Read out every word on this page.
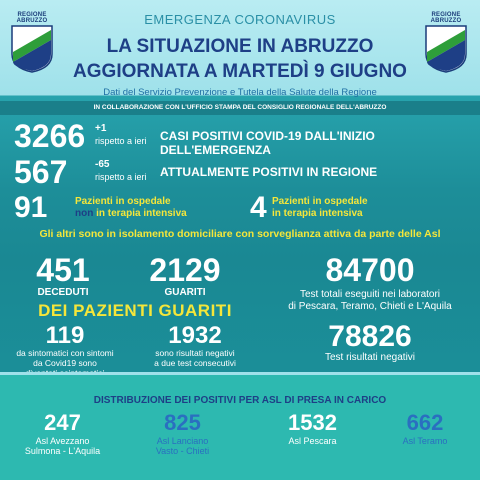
REGIONE ABRUZZO
REGIONE ABRUZZO
EMERGENZA CORONAVIRUS
LA SITUAZIONE IN ABRUZZO
AGGIORNATA A MARTEDÌ 9 GIUGNO
Dati del Servizio Prevenzione e Tutela della Salute della Regione
IN COLLABORAZIONE CON L'UFFICIO STAMPA DEL CONSIGLIO REGIONALE DELL'ABRUZZO
3266 +1
rispetto a ieri CASI POSITIVI COVID-19 DALL'INIZIO DELL'EMERGENZA
567	-65
rispetto a ieri ATTUALMENTE POSITIVI IN REGIONE
91	Pazienti in ospedale
non in terapia intensiva 4 Pazienti in ospedale
in terapia intensiva
Gli altri sono in isolamento domiciliare con sorveglianza attiva da parte delle Asl
451
DECEDUTI
2129
GUARITI
84700
Test totali eseguiti nei laboratori
di Pescara, Teramo, Chieti e L'Aquila
DEI PAZIENTI GUARITI
119
da sintomatici con sintomi
da Covid19 sono
1932
sono risultati negativi
a due test consecutivi
78826
Test risultati negativi
DISTRIBUZIONE DEI POSITIVI PER ASL DI PRESA IN CARICO
247
Asl Avezzano
Sulmona - L'Aquila
825
Asl Lanciano
Vasto - Chieti
1532
Asl Pescara
662
Asl Teramo
